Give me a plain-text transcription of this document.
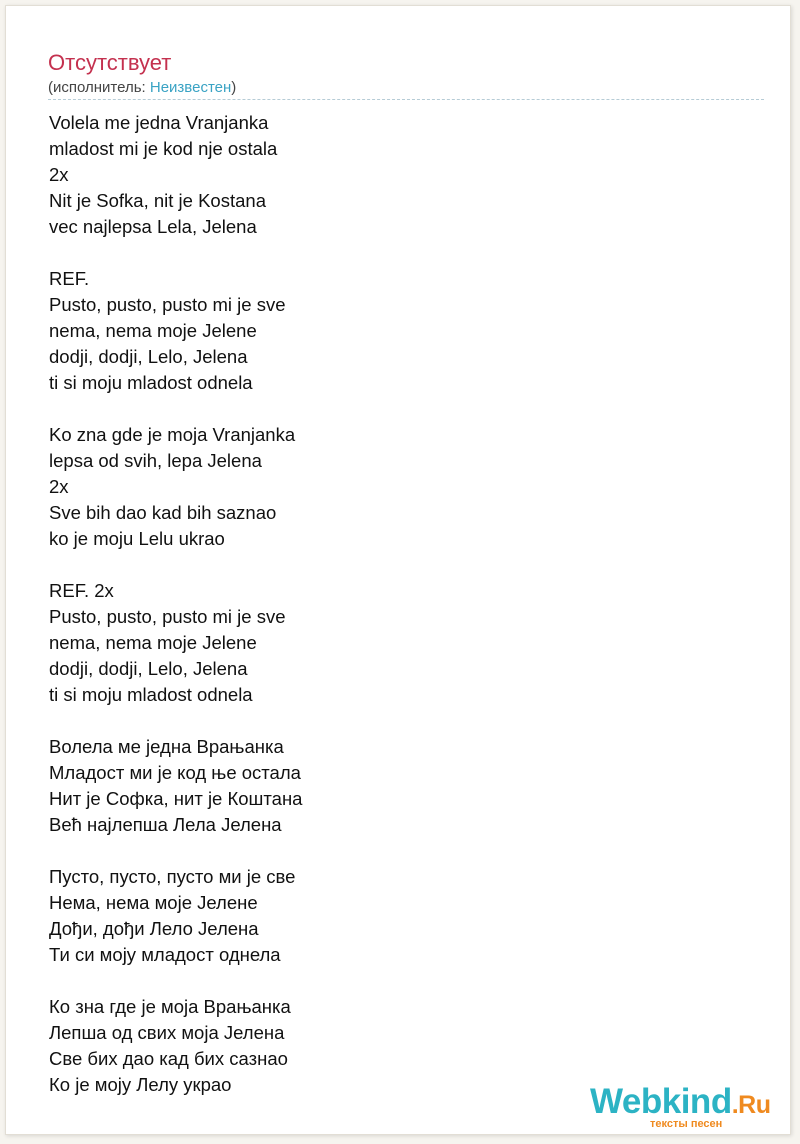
Отсутствует
(исполнитель: Неизвестен)
Volela me jedna Vranjanka
mladost mi je kod nje ostala
2x
Nit je Sofka, nit je Kostana
vec najlepsa Lela, Jelena
REF.
Pusto, pusto, pusto mi je sve
nema, nema moje Jelene
dodji, dodji, Lelo, Jelena
ti si moju mladost odnela
Ko zna gde je moja Vranjanka
lepsa od svih, lepa Jelena
2x
Sve bih dao kad bih saznao
ko je moju Lelu ukrao
REF. 2x
Pusto, pusto, pusto mi je sve
nema, nema moje Jelene
dodji, dodji, Lelo, Jelena
ti si moju mladost odnela
Волела ме једна Врањанка
Младост ми је код ње остала
Нит је Софка, нит је Коштана
Већ најлепша Лела Јелена
Пусто, пусто, пусто ми је све
Нема, нема моје Јелене
Дођи, дођи Лело Јелена
Ти си моју младост однела
Ко зна где је моја Врањанка
Лепша од свих моја Јелена
Све бих дао кад бих сазнао
Ко је моју Лелу украо	Webkind.Ru
тексты песен
